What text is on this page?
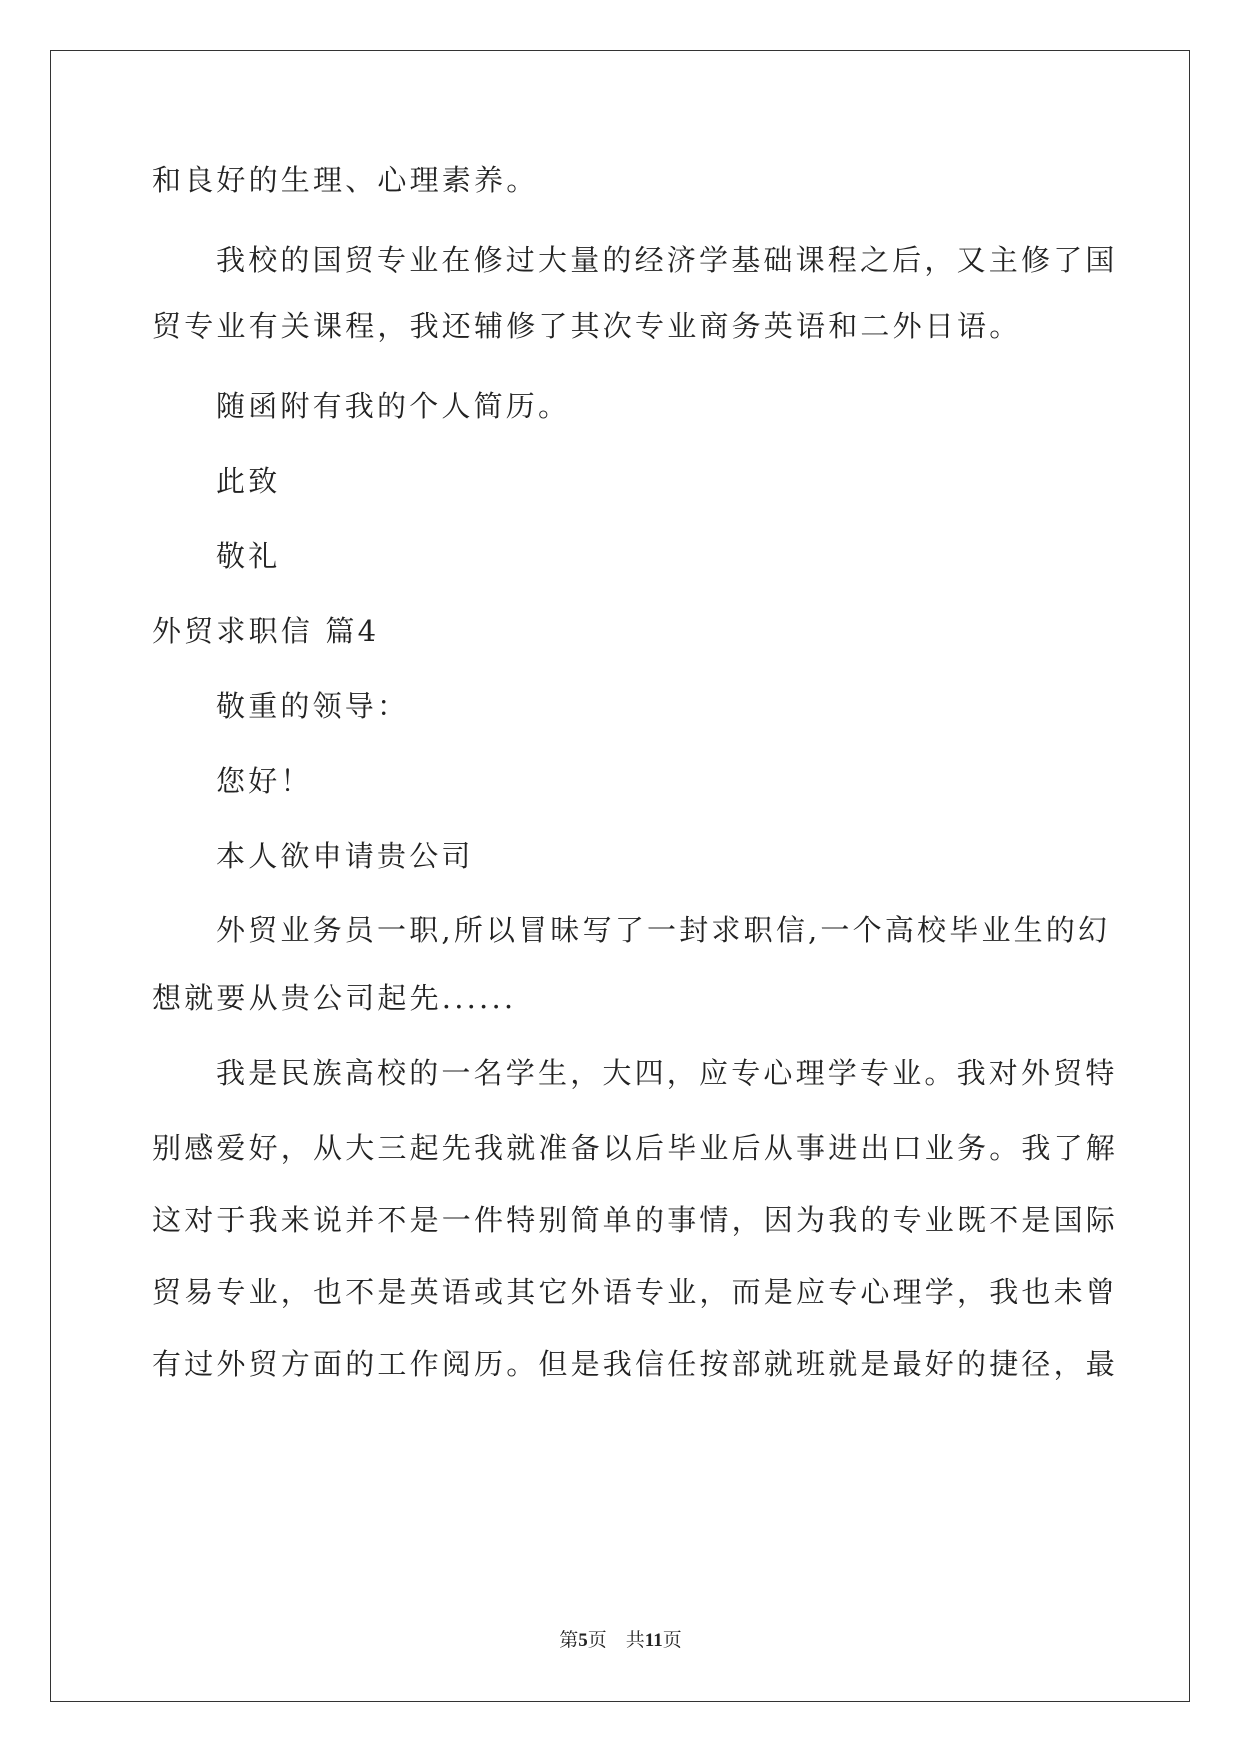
和良好的生理、心理素养。
我校的国贸专业在修过大量的经济学基础课程之后，又主修了国
贸专业有关课程，我还辅修了其次专业商务英语和二外日语。
随函附有我的个人简历。
此致
敬礼
外贸求职信 篇4
敬重的领导：
您好！
本人欲申请贵公司
外贸业务员一职,所以冒昧写了一封求职信,一个高校毕业生的幻
想就要从贵公司起先......
我是民族高校的一名学生，大四，应专心理学专业。我对外贸特
别感爱好，从大三起先我就准备以后毕业后从事进出口业务。我了解
这对于我来说并不是一件特别简单的事情，因为我的专业既不是国际
贸易专业，也不是英语或其它外语专业，而是应专心理学，我也未曾
有过外贸方面的工作阅历。但是我信任按部就班就是最好的捷径，最
第5页　共11页
